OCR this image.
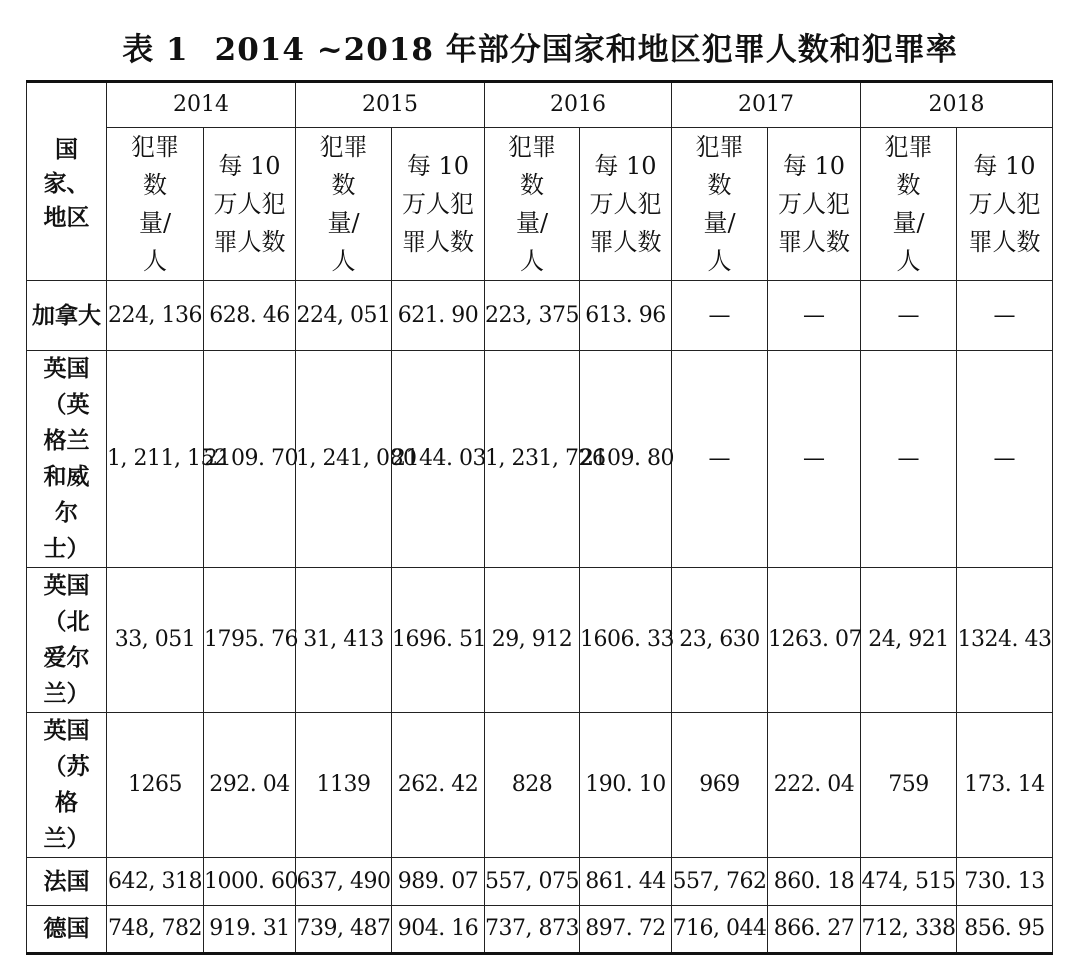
表 1 2014 ~2018 年部分国家和地区犯罪人数和犯罪率
国家、地区	2014		2015		2016		2017		2018	
	犯罪数量/人	每 10 万人犯罪人数	犯罪数量/人	每 10 万人犯罪人数	犯罪数量/人	每 10 万人犯罪人数	犯罪数量/人	每 10 万人犯罪人数	犯罪数量/人	每 10 万人犯罪人数
加拿大	224, 136	628. 46	224, 051	621. 90	223, 375	613. 96	—	—	—	—
英国（英格兰和威尔士）	1, 211, 152	2109. 70	1, 241, 080	2144. 03	1, 231, 726	2109. 80	—	—	—	—
英国（北爱尔兰）	33, 051	1795. 76	31, 413	1696. 51	29, 912	1606. 33	23, 630	1263. 07	24, 921	1324. 43
英国（苏格兰）	1265	292. 04	1139	262. 42	828	190. 10	969	222. 04	759	173. 14
法国	642, 318	1000. 60	637, 490	989. 07	557, 075	861. 44	557, 762	860. 18	474, 515	730. 13
德国	748, 782	919. 31	739, 487	904. 16	737, 873	897. 72	716, 044	866. 27	712, 338	856. 95
